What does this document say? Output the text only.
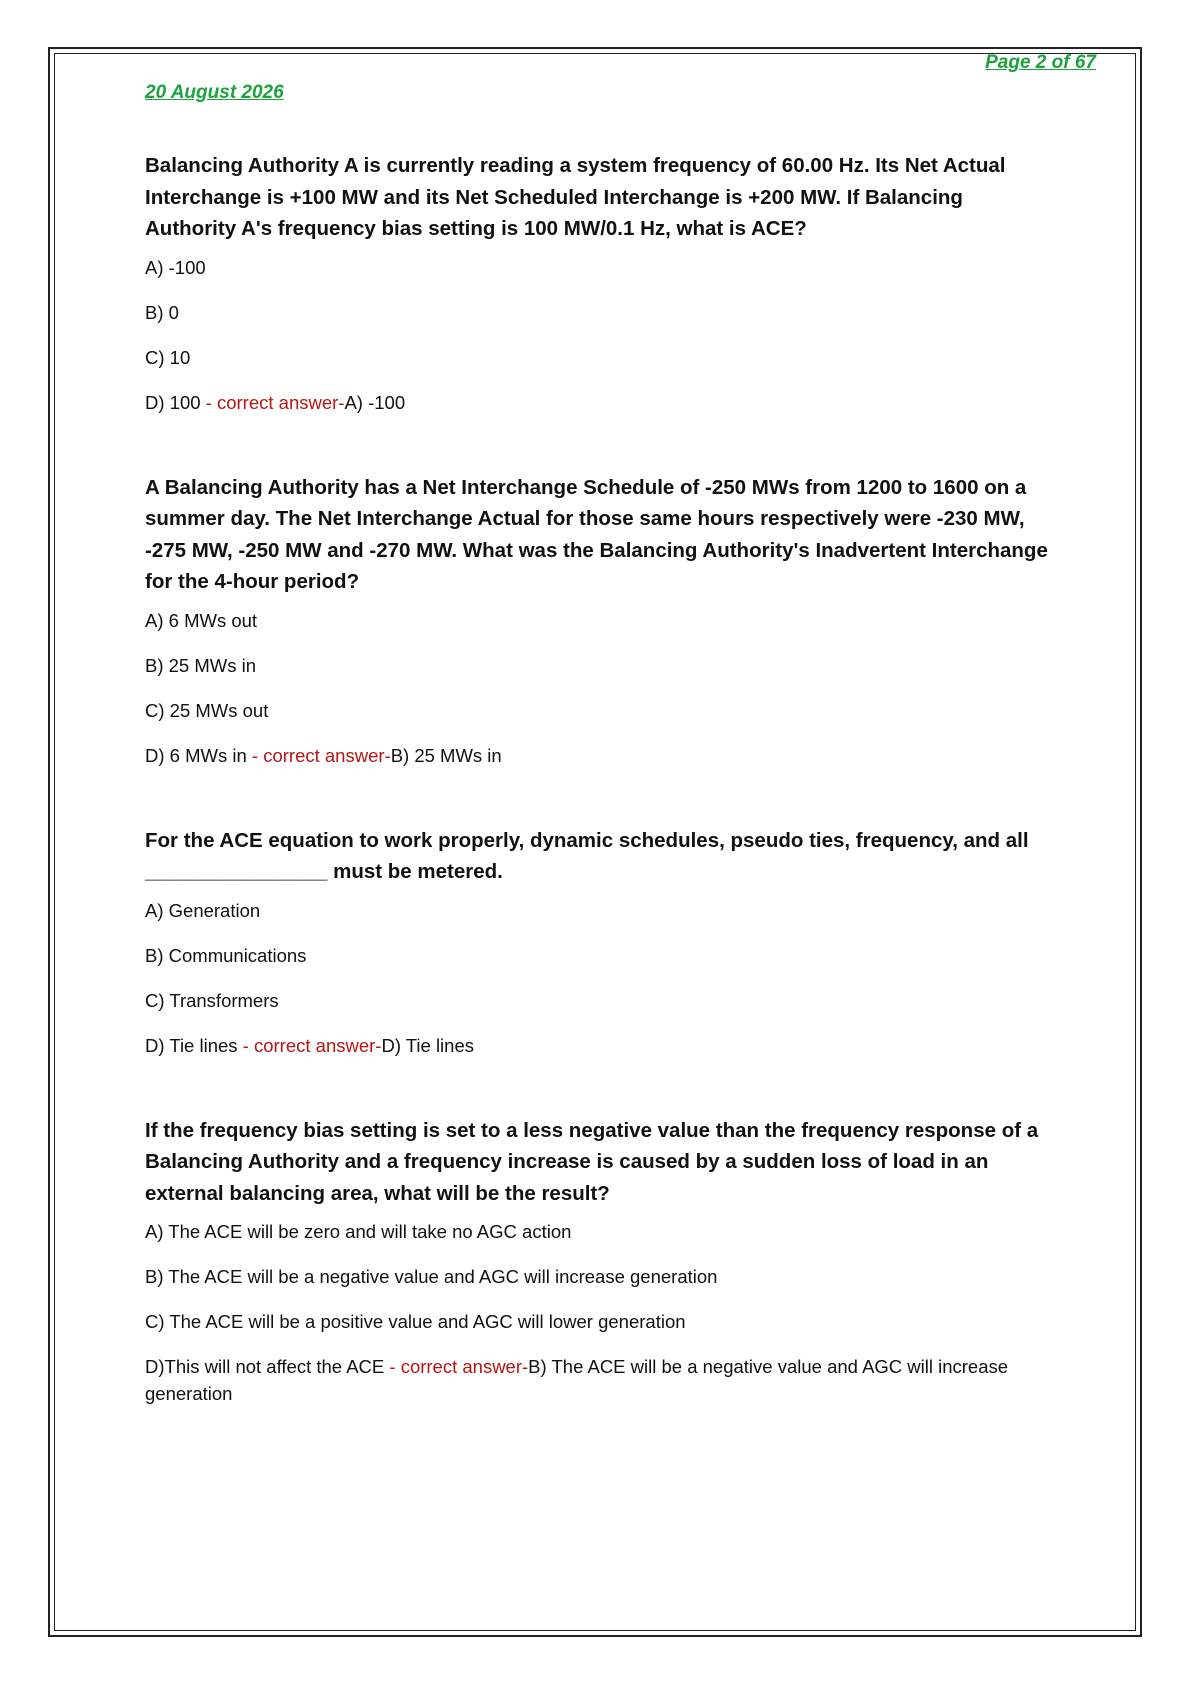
Page 2 of 67
20 August 2026

Balancing Authority A is currently reading a system frequency of 60.00 Hz. Its Net Actual Interchange is +100 MW and its Net Scheduled Interchange is +200 MW. If Balancing Authority A's frequency bias setting is 100 MW/0.1 Hz, what is ACE?

A) -100

B) 0

C) 10

D) 100 - correct answer-A) -100

A Balancing Authority has a Net Interchange Schedule of -250 MWs from 1200 to 1600 on a summer day. The Net Interchange Actual for those same hours respectively were -230 MW, -275 MW, -250 MW and -270 MW. What was the Balancing Authority's Inadvertent Interchange for the 4-hour period?

A) 6 MWs out

B) 25 MWs in

C) 25 MWs out

D) 6 MWs in - correct answer-B) 25 MWs in

For the ACE equation to work properly, dynamic schedules, pseudo ties, frequency, and all ________________ must be metered.

A) Generation

B) Communications

C) Transformers

D) Tie lines - correct answer-D) Tie lines

If the frequency bias setting is set to a less negative value than the frequency response of a Balancing Authority and a frequency increase is caused by a sudden loss of load in an external balancing area, what will be the result?

A) The ACE will be zero and will take no AGC action

B) The ACE will be a negative value and AGC will increase generation

C) The ACE will be a positive value and AGC will lower generation

D)This will not affect the ACE - correct answer-B) The ACE will be a negative value and AGC will increase generation
